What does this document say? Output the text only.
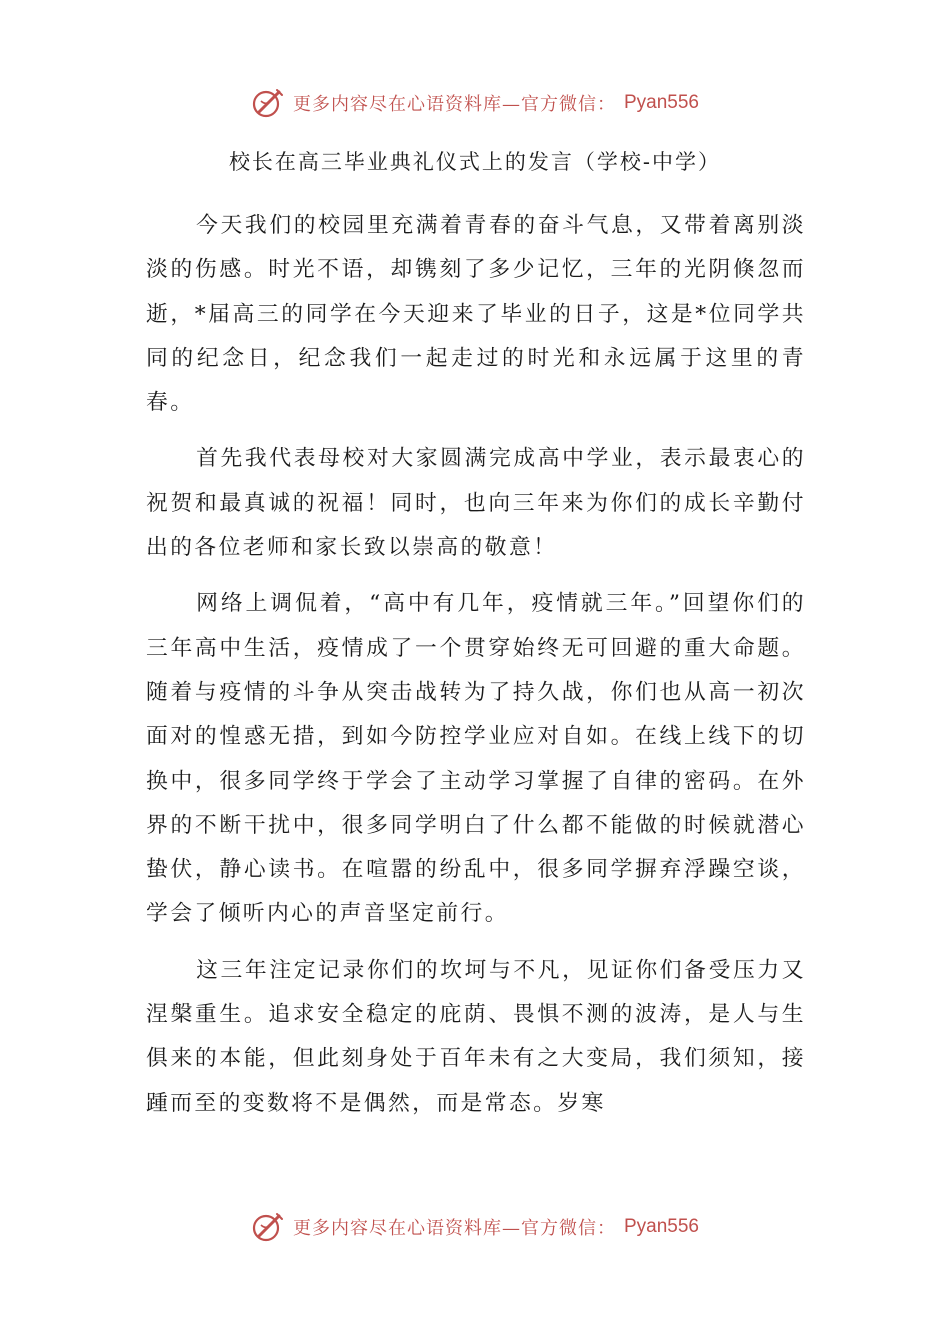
更多内容尽在心语资料库—官方微信： Pyan556
校长在高三毕业典礼仪式上的发言（学校-中学）

今天我们的校园里充满着青春的奋斗气息，又带着离别淡淡的伤感。时光不语，却镌刻了多少记忆，三年的光阴倏忽而逝，*届高三的同学在今天迎来了毕业的日子，这是*位同学共同的纪念日，纪念我们一起走过的时光和永远属于这里的青春。

首先我代表母校对大家圆满完成高中学业，表示最衷心的祝贺和最真诚的祝福！同时，也向三年来为你们的成长辛勤付出的各位老师和家长致以崇高的敬意！

网络上调侃着，“高中有几年，疫情就三年。”回望你们的三年高中生活，疫情成了一个贯穿始终无可回避的重大命题。随着与疫情的斗争从突击战转为了持久战，你们也从高一初次面对的惶惑无措，到如今防控学业应对自如。在线上线下的切换中，很多同学终于学会了主动学习掌握了自律的密码。在外界的不断干扰中，很多同学明白了什么都不能做的时候就潜心蛰伏，静心读书。在喧嚣的纷乱中，很多同学摒弃浮躁空谈，学会了倾听内心的声音坚定前行。

这三年注定记录你们的坎坷与不凡，见证你们备受压力又涅槃重生。追求安全稳定的庇荫、畏惧不测的波涛，是人与生俱来的本能，但此刻身处于百年未有之大变局，我们须知，接踵而至的变数将不是偶然，而是常态。岁寒

更多内容尽在心语资料库—官方微信： Pyan556
